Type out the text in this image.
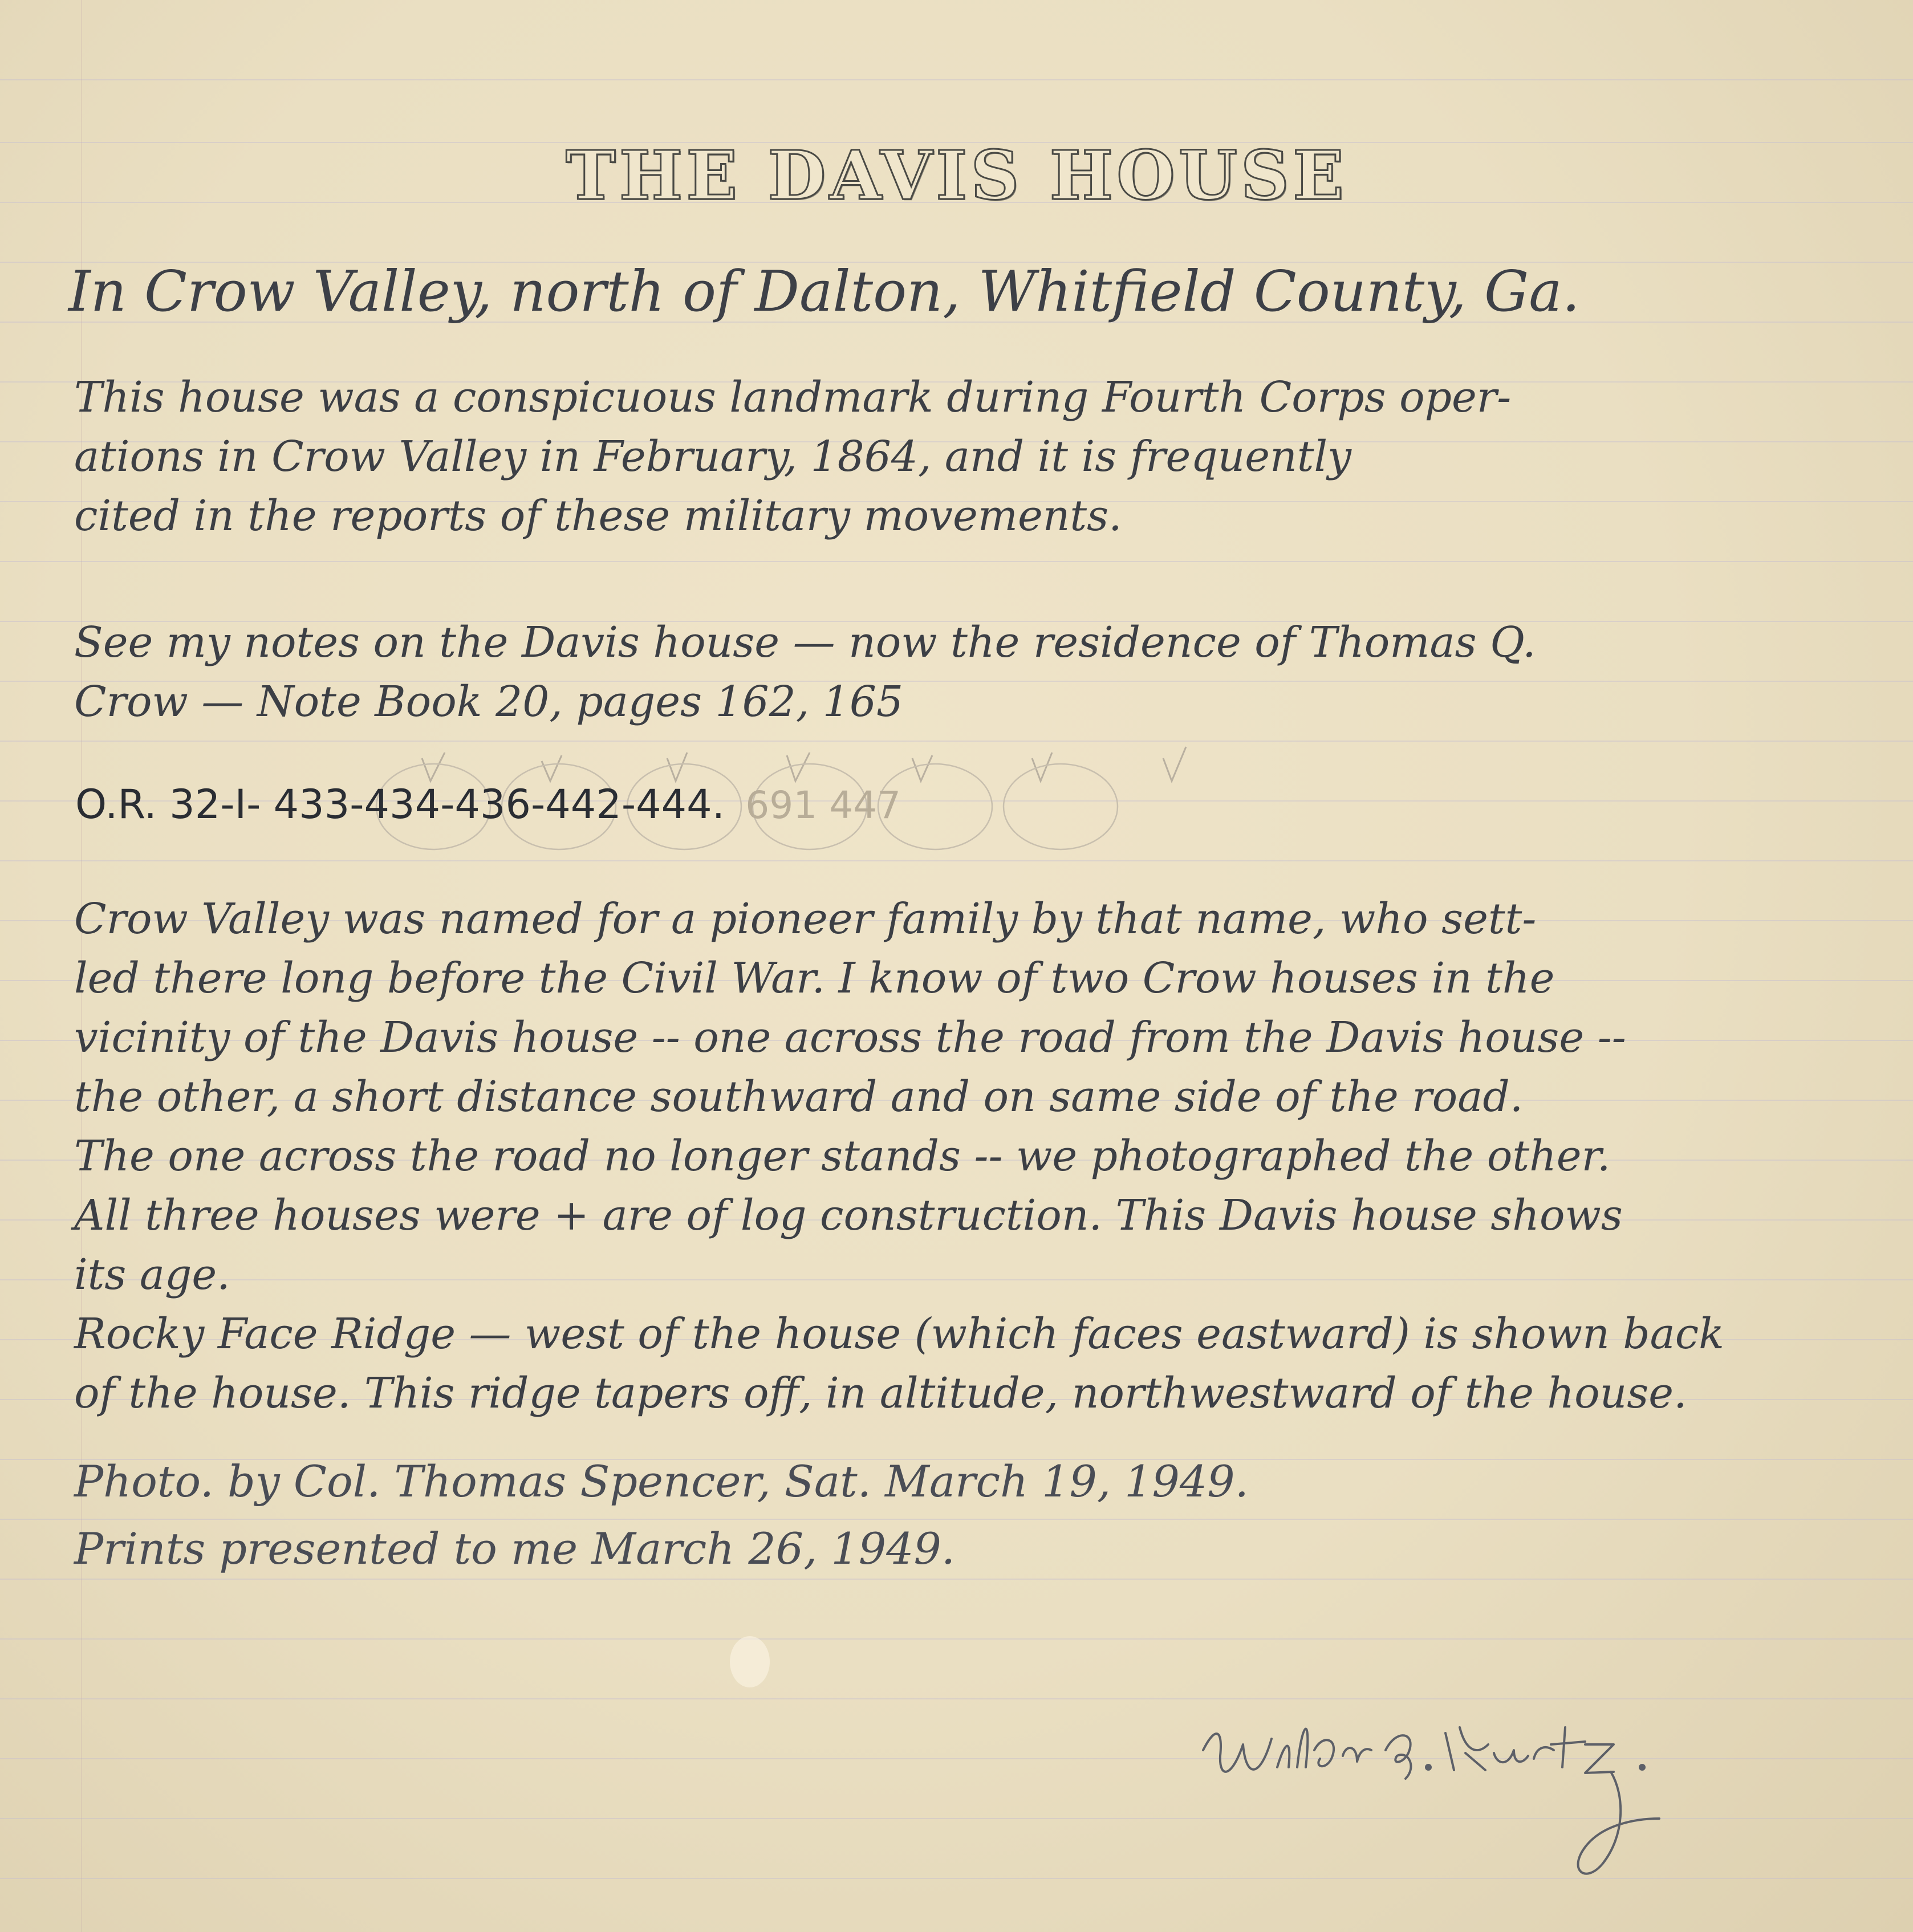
THE DAVIS HOUSE
In Crow Valley, north of Dalton, Whitfield County, Ga.
This house was a conspicuous landmark during Fourth Corps oper-
ations in Crow Valley in February, 1864, and it is frequently
cited in the reports of these military movements.
See my notes on the Davis house — now the residence of Thomas Q.
Crow — Note Book 20, pages 162, 165
O.R. 32-I- 433-434-436-442-444. 691 447
Crow Valley was named for a pioneer family by that name, who sett-
led there long before the Civil War. I know of two Crow houses in the
vicinity of the Davis house -- one across the road from the Davis house --
the other, a short distance southward and on same side of the road.
The one across the road no longer stands -- we photographed the other.
All three houses were + are of log construction. This Davis house shows
its age.
Rocky Face Ridge — west of the house (which faces eastward) is shown back
of the house. This ridge tapers off, in altitude, northwestward of the house.
Photo. by Col. Thomas Spencer, Sat. March 19, 1949.
Prints presented to me March 26, 1949.
